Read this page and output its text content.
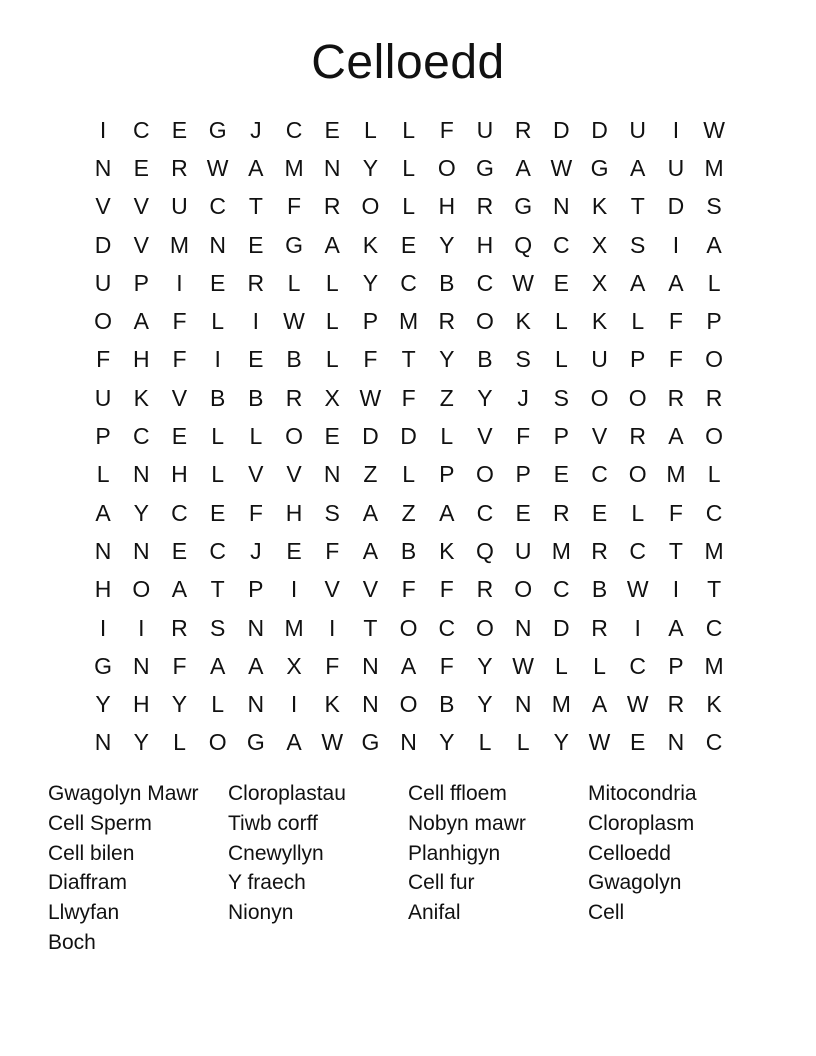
Celloedd
I	C E G	J	C E	L	L	F U R D D U	I	W
N E R W A M N Y	L O G A W G A U M
V V U C T	F R O L	H R G N K	T D S
D V M N E G A K E Y H Q C X S	I	A
U P	I	E R	L	L	Y C B C W E X A A	L
O A	F	L	I	W L	P M R O K	L	K	L	F	P
F H F	I	E B	L	F	T	Y B S	L	U P	F O
U K V B B R X W F	Z	Y	J	S O O R R
P C E	L	L O E D D	L	V	F	P V R A O
L	N H	L	V V N Z	L	P O P E C O M L
A Y C E	F H S A	Z	A C E R E	L	F C
N N E C	J	E	F	A B K Q U M R C T M
H O A	T	P	I	V V	F	F R O C B W	I	T
I	I	R S N M	I	T O C O N D R	I	A C
G N F	A A X	F N A	F	Y W L	L	C P M
Y H Y	L	N	I	K N O B Y N M A W R K
N Y	L O G A W G N Y	L	L	Y W E N C
Gwagolyn Mawr	Cloroplastau	Cell ffloem	Mitocondria
Cell Sperm	Tiwb corff	Nobyn mawr	Cloroplasm
Cell bilen	Cnewyllyn	Planhigyn	Celloedd
Diaffram	Y fraech	Cell fur	Gwagolyn
Llwyfan	Nionyn	Anifal	Cell
Boch
